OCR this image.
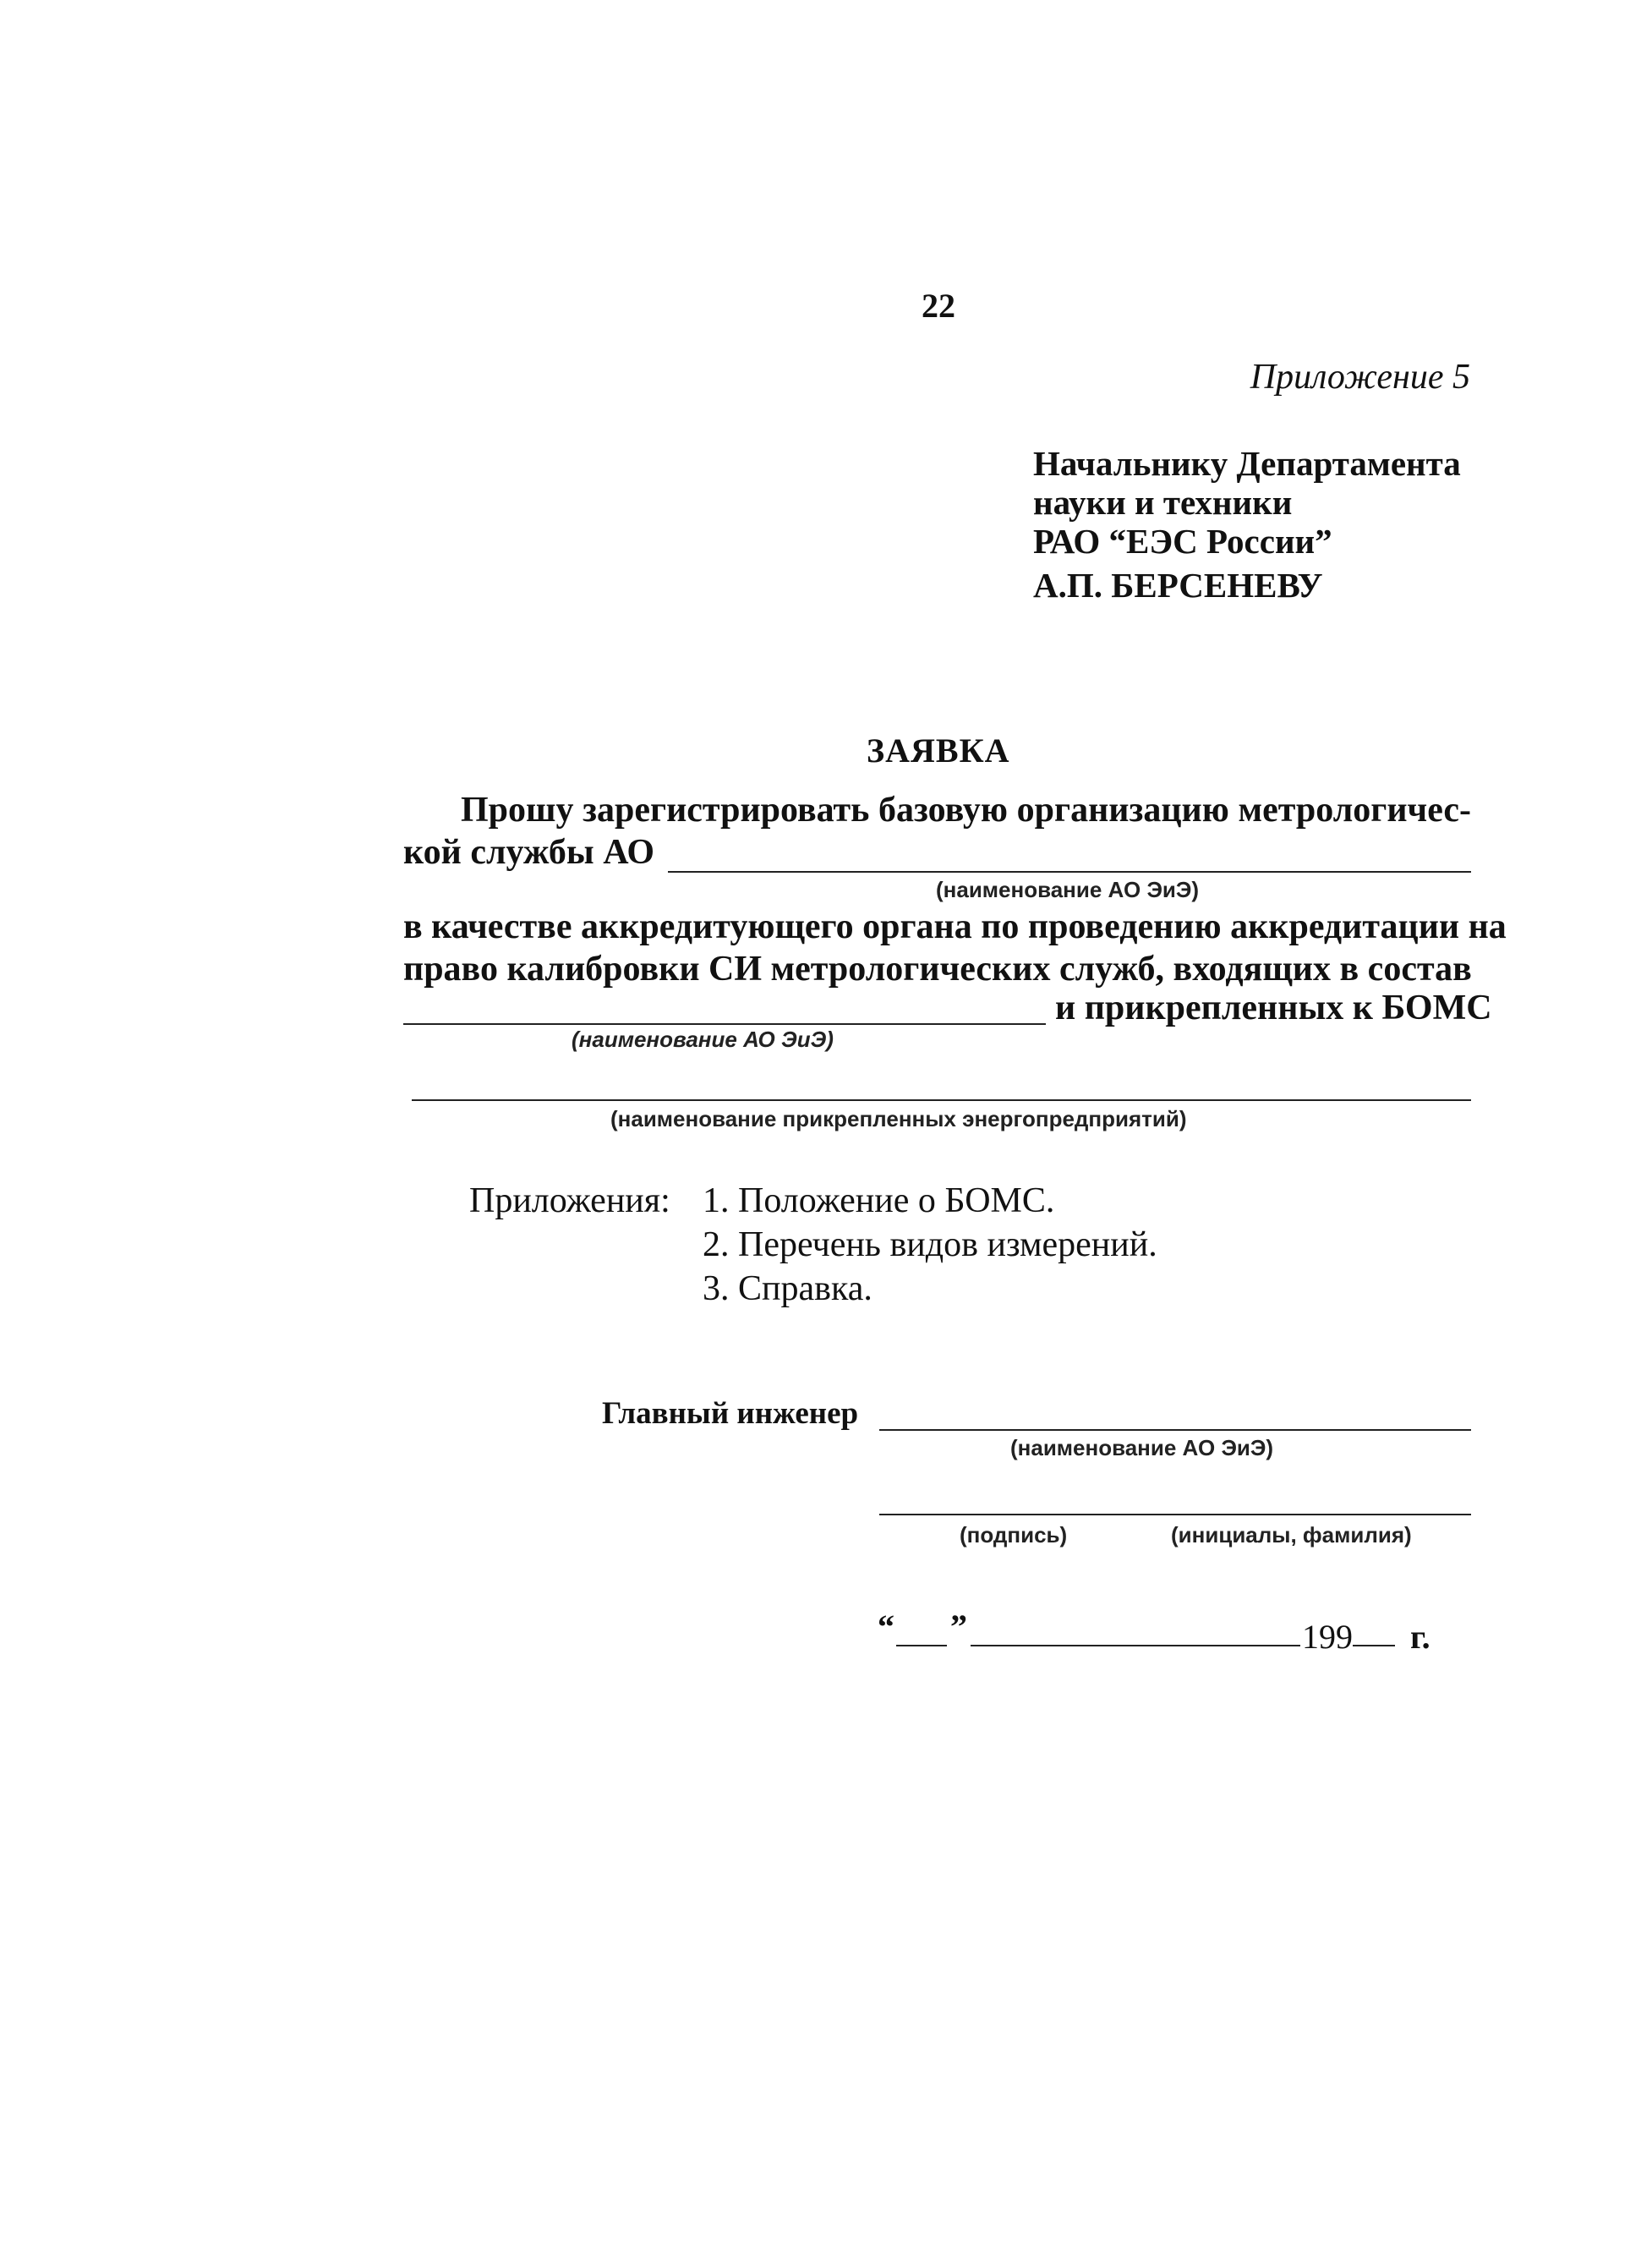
22
Приложение 5
Начальнику Департамента
науки и техники
РАО “ЕЭС России”
А.П. БЕРСЕНЕВУ
ЗАЯВКА
Прошу зарегистрировать базовую организацию метрологичес-
кой службы АО
(наименование АО ЭиЭ)
в качестве аккредитующего органа по проведению аккредитации на
право калибровки СИ метрологических служб, входящих в состав
и прикрепленных к БОМС
(наименование АО ЭиЭ)
(наименование прикрепленных энергопредприятий)
Приложения: 1. Положение о БОМС.
2. Перечень видов измерений.
3. Справка.
Главный инженер
(наименование АО ЭиЭ)
(подпись)	(инициалы, фамилия)
“ ”	199 г.
